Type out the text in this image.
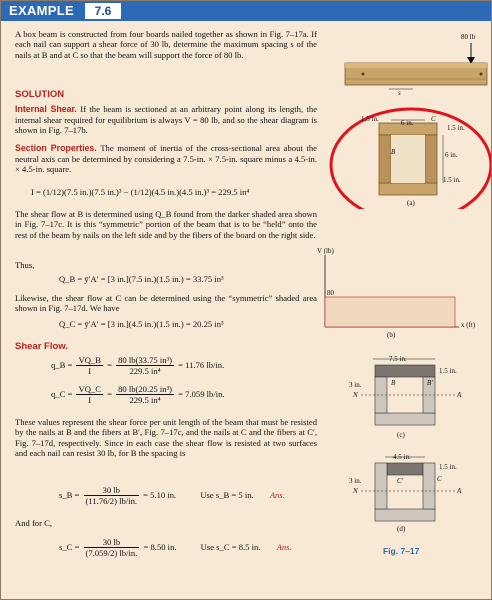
EXAMPLE	7.6
A box beam is constructed from four boards nailed together as shown in Fig. 7–17a. If each nail can support a shear force of 30 lb, determine the maximum spacing s of the nails at B and at C so that the beam will support the force of 80 lb.
SOLUTION
Internal Shear. If the beam is sectioned at an arbitrary point along its length, the internal shear required for equilibrium is always V = 80 lb, and so the shear diagram is shown in Fig. 7–17b.
Section Properties. The moment of inertia of the cross-sectional area about the neutral axis can be determined by considering a 7.5-in. × 7.5-in. square minus a 4.5-in. × 4.5-in. square.
I = (1/12)(7.5 in.)(7.5 in.)³ − (1/12)(4.5 in.)(4.5 in.)³ = 229.5 in⁴
The shear flow at B is determined using Q_B found from the darker shaded area shown in Fig. 7–17c. It is this “symmetric” portion of the beam that is to be “held” onto the rest of the beam by nails on the left side and by the fibers of the board on the right side.
Thus,
Q_B = ȳ′A′ = [3 in.](7.5 in.)(1.5 in.) = 33.75 in³
Likewise, the shear flow at C can be determined using the “symmetric” shaded area shown in Fig. 7–17d. We have
Q_C = ȳ′A′ = [3 in.](4.5 in.)(1.5 in.) = 20.25 in³
Shear Flow.
q_B = $\frac{VQ\_B}{I} = \frac{\text{80 lb(33.75 in³)}}{\text{229.5 in⁴}} = 11.76$ lb/in.
q_C = $\frac{VQ\_C}{I} = \frac{\text{80 lb(20.25 in³)}}{\text{229.5 in⁴}} = 7.059$ lb/in.
These values represent the shear force per unit length of the beam that must be resisted by the nails at B and the fibers at B′, Fig. 7–17c, and the nails at C and the fibers at C′, Fig. 7–17d, respectively. Since in each case the shear flow is resisted at two surfaces and each nail can resist 30 lb, for B the spacing is
s_B = $\frac{30 lb}{(11.76/2) lb/in.} = 5.10$ in.	Use s_B = 5 in. Ans.
And for C,
s_C = $\frac{30 lb}{(7.059/2) lb/in.} = 8.50$ in.	Use s_C = 8.5 in. Ans.
80 lb
s
1.5 in.	6 in.
1.5 in.
6 in.
1.5 in.
C
B
(a)
V (lb)
80
x (ft)
(b)
7.5 in.
1.5 in.
3 in.
N	A
B	B′
(c)
4.5 in.
1.5 in.
3 in.
N	A
C
C′
(d)
Fig. 7–17
